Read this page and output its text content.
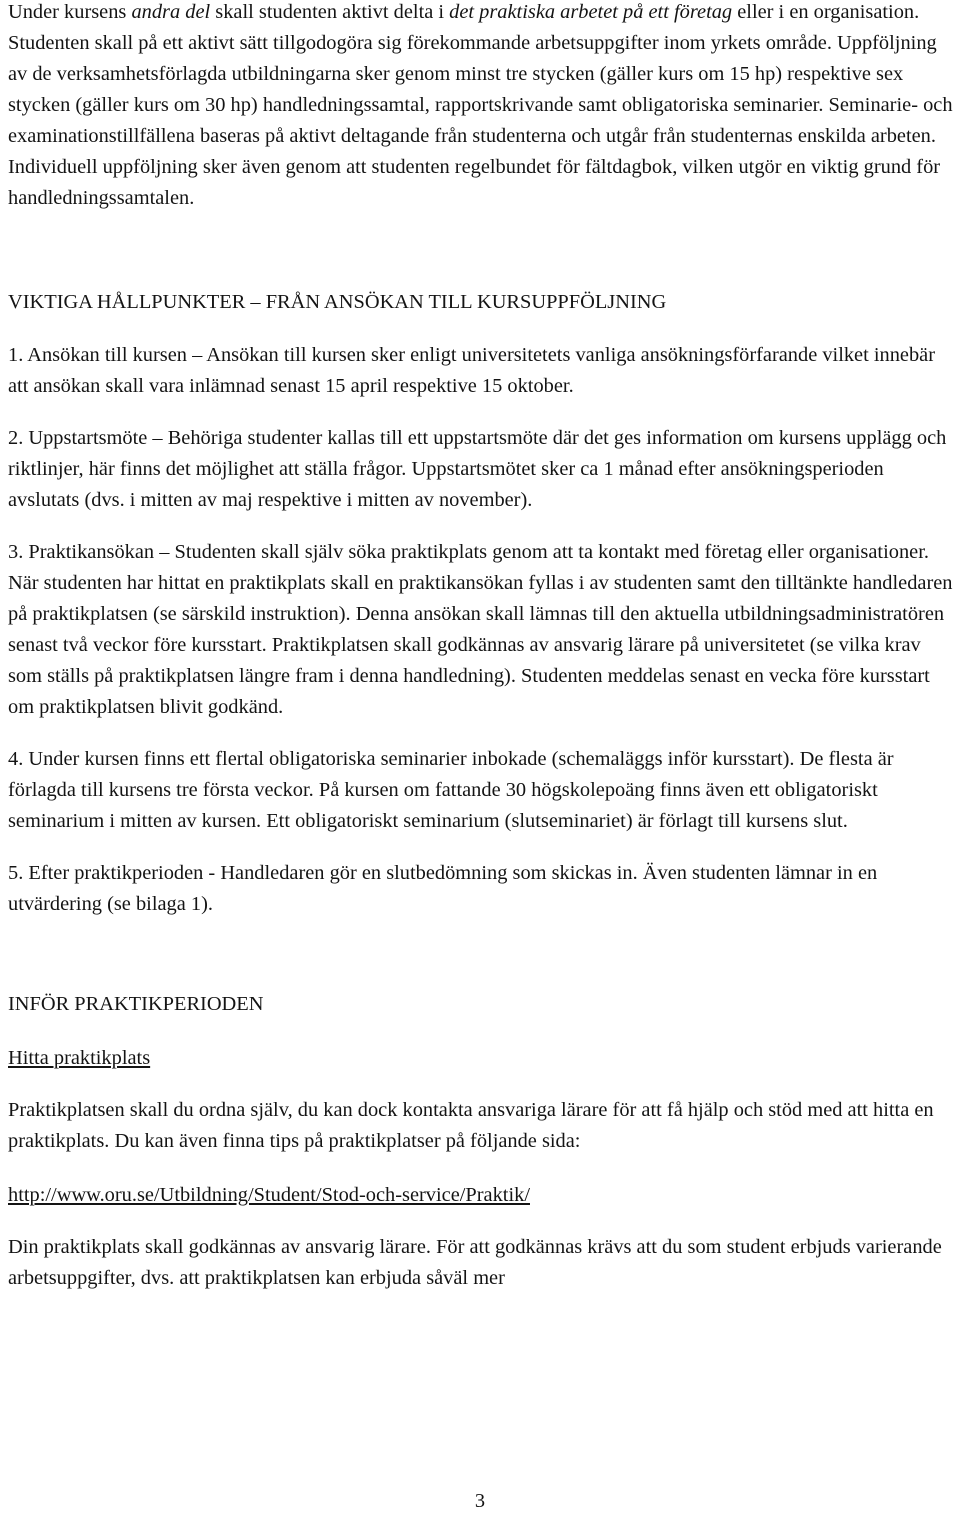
Under kursens andra del skall studenten aktivt delta i det praktiska arbetet på ett företag eller i en organisation. Studenten skall på ett aktivt sätt tillgodogöra sig förekommande arbetsuppgifter inom yrkets område. Uppföljning av de verksamhetsförlagda utbildningarna sker genom minst tre stycken (gäller kurs om 15 hp) respektive sex stycken (gäller kurs om 30 hp) handledningssamtal, rapportskrivande samt obligatoriska seminarier. Seminarie- och examinationstillfällena baseras på aktivt deltagande från studenterna och utgår från studenternas enskilda arbeten. Individuell uppföljning sker även genom att studenten regelbundet för fältdagbok, vilken utgör en viktig grund för handledningssamtalen.

VIKTIGA HÅLLPUNKTER – FRÅN ANSÖKAN TILL KURSUPPFÖLJNING

1. Ansökan till kursen – Ansökan till kursen sker enligt universitetets vanliga ansökningsförfarande vilket innebär att ansökan skall vara inlämnad senast 15 april respektive 15 oktober.

2. Uppstartsmöte – Behöriga studenter kallas till ett uppstartsmöte där det ges information om kursens upplägg och riktlinjer, här finns det möjlighet att ställa frågor. Uppstartsmötet sker ca 1 månad efter ansökningsperioden avslutats (dvs. i mitten av maj respektive i mitten av november).

3. Praktikansökan – Studenten skall själv söka praktikplats genom att ta kontakt med företag eller organisationer. När studenten har hittat en praktikplats skall en praktikansökan fyllas i av studenten samt den tilltänkte handledaren på praktikplatsen (se särskild instruktion). Denna ansökan skall lämnas till den aktuella utbildningsadministratören senast två veckor före kursstart. Praktikplatsen skall godkännas av ansvarig lärare på universitetet (se vilka krav som ställs på praktikplatsen längre fram i denna handledning). Studenten meddelas senast en vecka före kursstart om praktikplatsen blivit godkänd.

4. Under kursen finns ett flertal obligatoriska seminarier inbokade (schemaläggs inför kursstart). De flesta är förlagda till kursens tre första veckor. På kursen om fattande 30 högskolepoäng finns även ett obligatoriskt seminarium i mitten av kursen. Ett obligatoriskt seminarium (slutseminariet) är förlagt till kursens slut.

5. Efter praktikperioden - Handledaren gör en slutbedömning som skickas in. Även studenten lämnar in en utvärdering (se bilaga 1).

INFÖR PRAKTIKPERIODEN

Hitta praktikplats

Praktikplatsen skall du ordna själv, du kan dock kontakta ansvariga lärare för att få hjälp och stöd med att hitta en praktikplats. Du kan även finna tips på praktikplatser på följande sida:

http://www.oru.se/Utbildning/Student/Stod-och-service/Praktik/

Din praktikplats skall godkännas av ansvarig lärare. För att godkännas krävs att du som student erbjuds varierande arbetsuppgifter, dvs. att praktikplatsen kan erbjuda såväl mer

3
